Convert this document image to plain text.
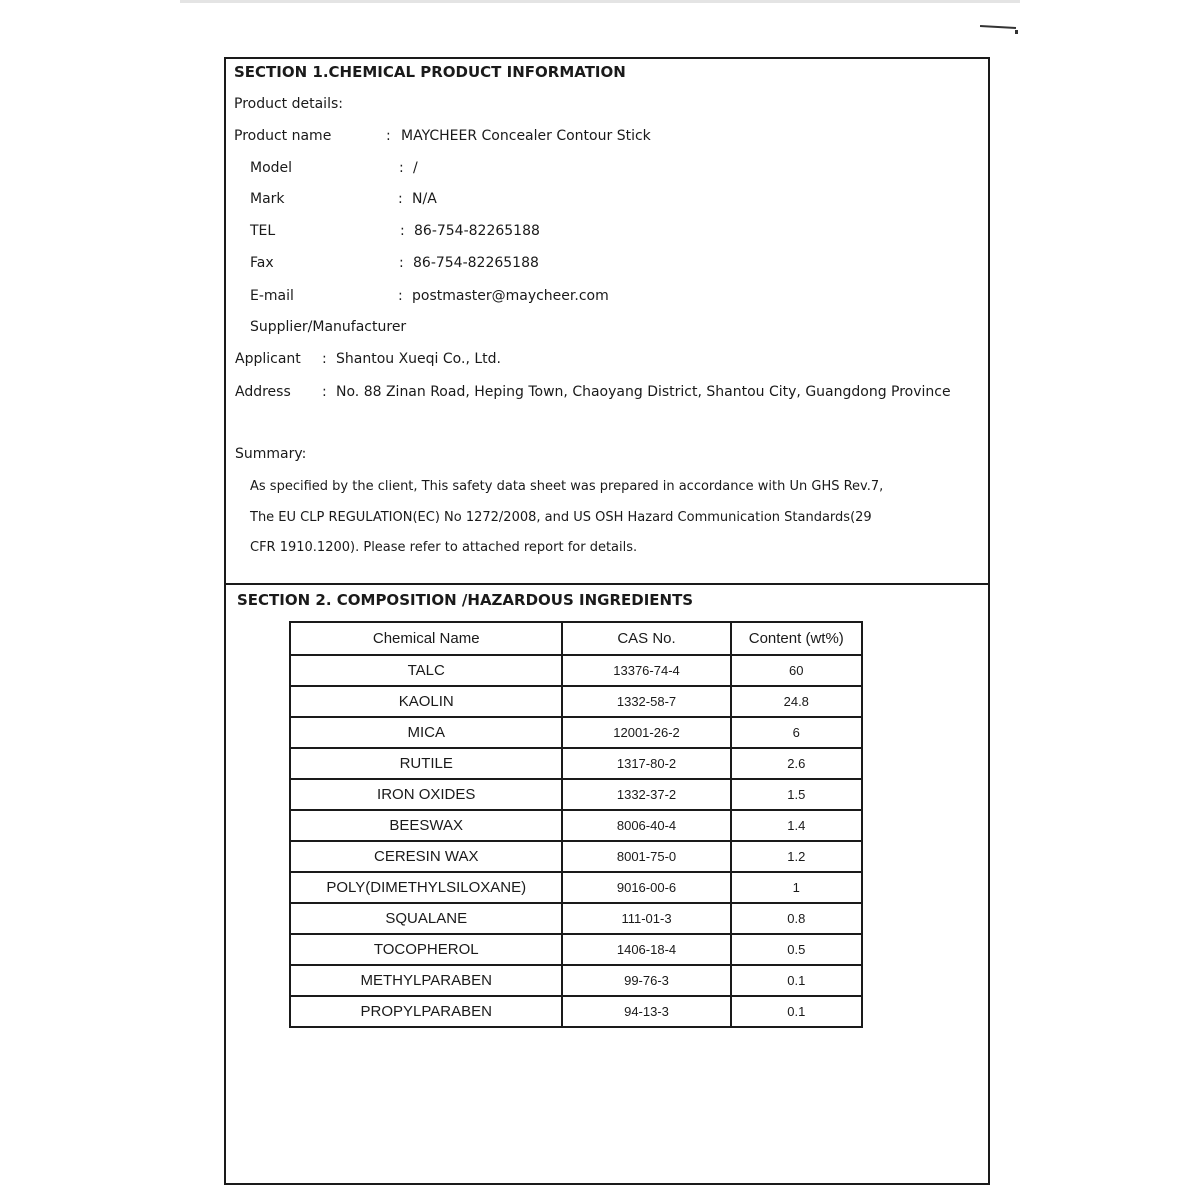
SECTION 1.CHEMICAL PRODUCT INFORMATION
Product details:
Product name	: MAYCHEER Concealer Contour Stick
Model	: /
Mark	: N/A
TEL	: 86-754-82265188
Fax	: 86-754-82265188
E-mail	: postmaster@maycheer.com
Supplier/Manufacturer
Applicant : Shantou Xueqi Co., Ltd.
Address : No. 88 Zinan Road, Heping Town, Chaoyang District, Shantou City, Guangdong Province
Summary:
As specified by the client, This safety data sheet was prepared in accordance with Un GHS Rev.7,
The EU CLP REGULATION(EC) No 1272/2008, and US OSH Hazard Communication Standards(29
CFR 1910.1200). Please refer to attached report for details.
SECTION 2. COMPOSITION /HAZARDOUS INGREDIENTS
Chemical Name	CAS No.	Content (wt%)
TALC	13376-74-4	60
KAOLIN	1332-58-7	24.8
MICA	12001-26-2	6
RUTILE	1317-80-2	2.6
IRON OXIDES	1332-37-2	1.5
BEESWAX	8006-40-4	1.4
CERESIN WAX	8001-75-0	1.2
POLY(DIMETHYLSILOXANE)	9016-00-6	1
SQUALANE	111-01-3	0.8
TOCOPHEROL	1406-18-4	0.5
METHYLPARABEN	99-76-3	0.1
PROPYLPARABEN	94-13-3	0.1
